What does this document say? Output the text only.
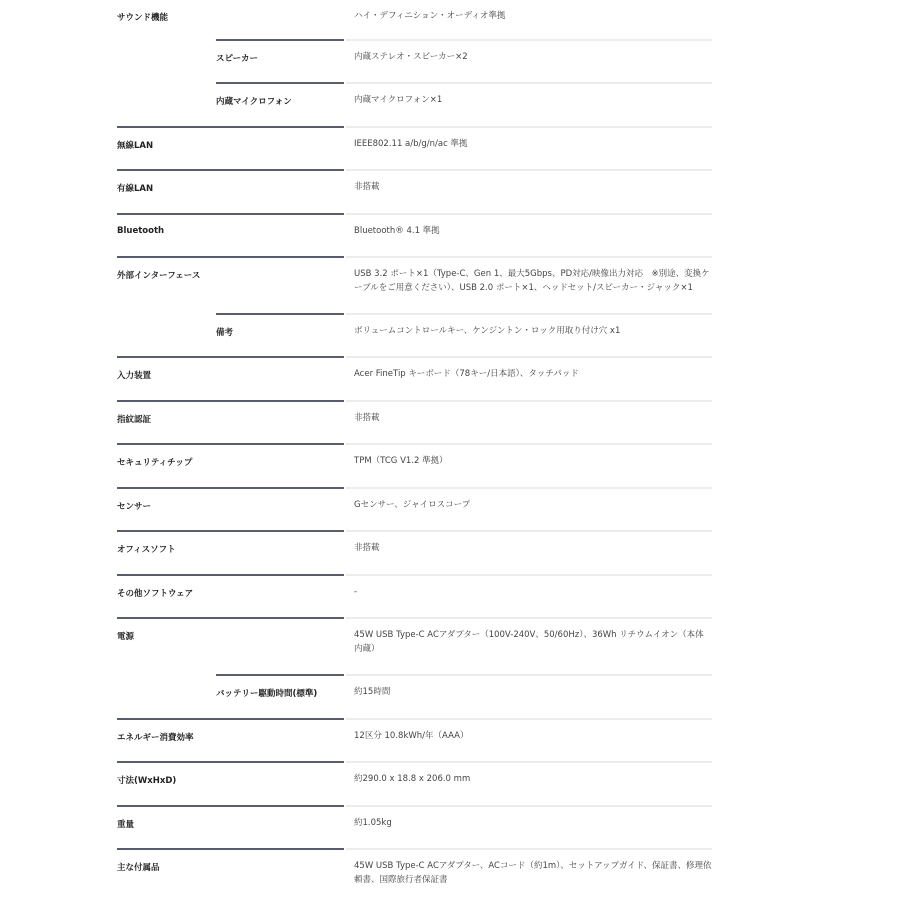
サウンド機能	ハイ・デフィニション・オーディオ準拠
スピーカー	内蔵ステレオ・スピーカー×2
内蔵マイクロフォン	内蔵マイクロフォン×1
無線LAN	IEEE802.11 a/b/g/n/ac 準拠
有線LAN	非搭載
Bluetooth	Bluetooth® 4.1 準拠
外部インターフェース	USB 3.2 ポート×1（Type-C、Gen 1、最大5Gbps、PD対応/映像出力対応　※別途、変換ケーブルをご用意ください）、USB 2.0 ポート×1、ヘッドセット/スピーカー・ジャック×1
備考	ボリュームコントロールキー、ケンジントン・ロック用取り付け穴 x1
入力装置	Acer FineTip キーボード（78キー/日本語）、タッチパッド
指紋認証	非搭載
セキュリティチップ	TPM（TCG V1.2 準拠）
センサー	Gセンサー、ジャイロスコープ
オフィスソフト	非搭載
その他ソフトウェア	-
電源	45W USB Type-C ACアダプター（100V-240V、50/60Hz）、36Wh リチウムイオン（本体内蔵）
バッテリー駆動時間(標準)	約15時間
エネルギー消費効率	12区分 10.8kWh/年（AAA）
寸法(WxHxD)	約290.0 x 18.8 x 206.0 mm
重量	約1.05kg
主な付属品	45W USB Type-C ACアダプター、ACコード（約1m）、セットアップガイド、保証書、修理依頼書、国際旅行者保証書
